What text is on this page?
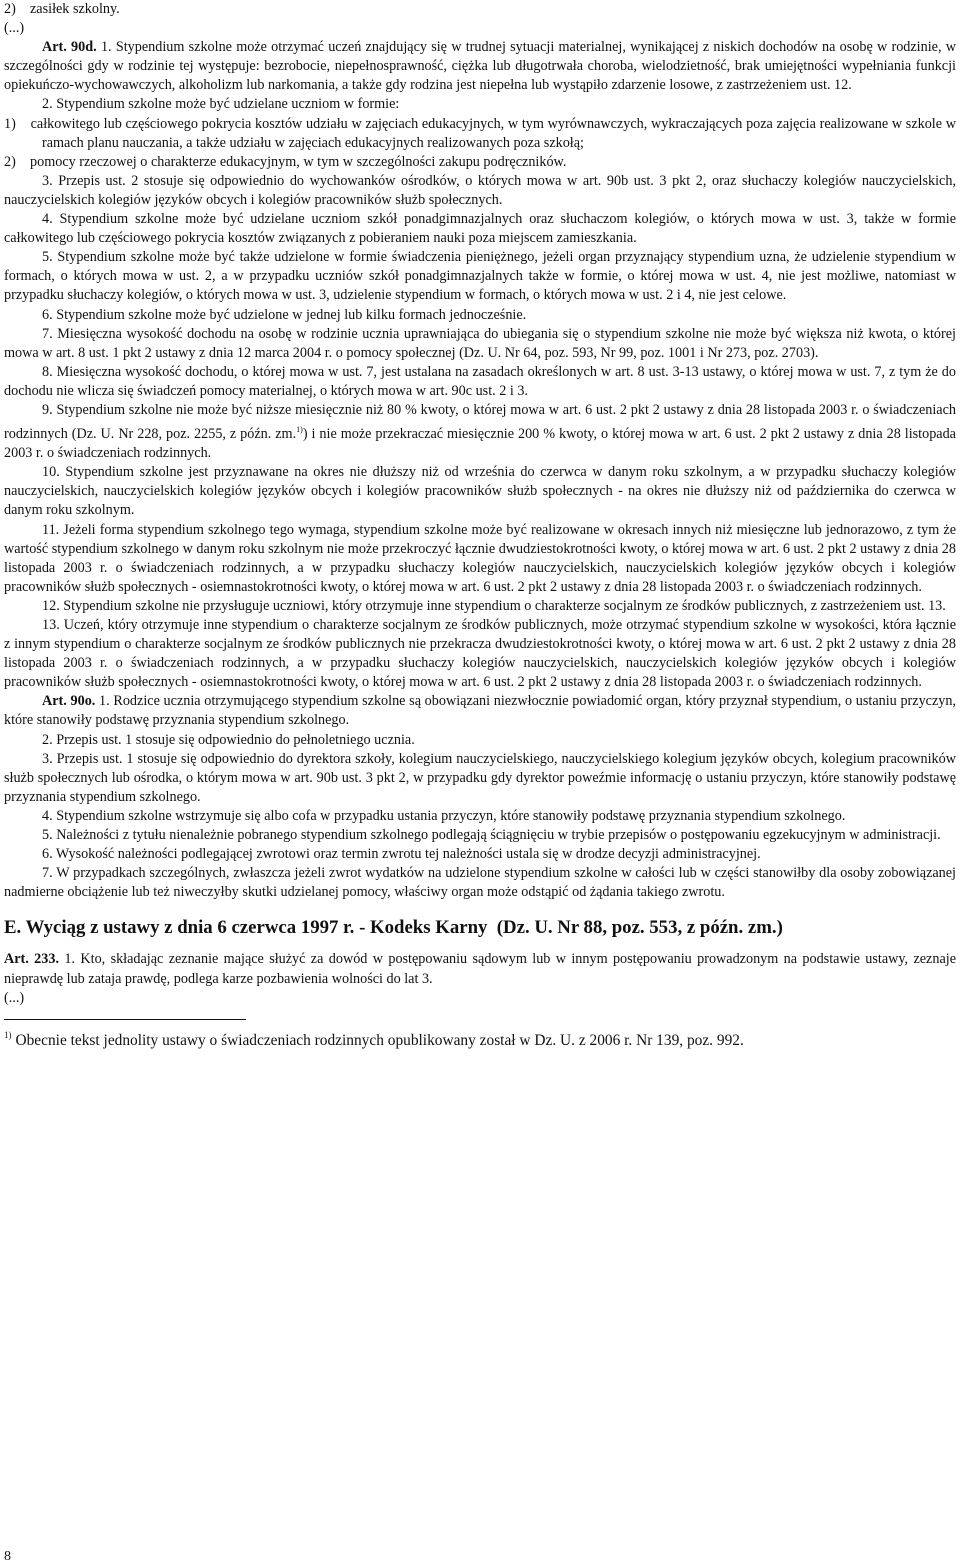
2)    zasiłek szkolny.

(...)

Art. 90d. 1. Stypendium szkolne może otrzymać uczeń znajdujący się w trudnej sytuacji materialnej, wynikającej z niskich dochodów na osobę w rodzinie, w szczególności gdy w rodzinie tej występuje: bezrobocie, niepełnosprawność, ciężka lub długotrwała choroba, wielodzietność, brak umiejętności wypełniania funkcji opiekuńczo-wychowawczych, alkoholizm lub narkomania, a także gdy rodzina jest niepełna lub wystąpiło zdarzenie losowe, z zastrzeżeniem ust. 12.

2. Stypendium szkolne może być udzielane uczniom w formie:

1)    całkowitego lub częściowego pokrycia kosztów udziału w zajęciach edukacyjnych, w tym wyrównawczych, wykraczających poza zajęcia realizowane w szkole w ramach planu nauczania, a także udziału w zajęciach edukacyjnych realizowanych poza szkołą;

2)    pomocy rzeczowej o charakterze edukacyjnym, w tym w szczególności zakupu podręczników.

3. Przepis ust. 2 stosuje się odpowiednio do wychowanków ośrodków, o których mowa w art. 90b ust. 3 pkt 2, oraz słuchaczy kolegiów nauczycielskich, nauczycielskich kolegiów języków obcych i kolegiów pracowników służb społecznych.

4. Stypendium szkolne może być udzielane uczniom szkół ponadgimnazjalnych oraz słuchaczom kolegiów, o których mowa w ust. 3, także w formie całkowitego lub częściowego pokrycia kosztów związanych z pobieraniem nauki poza miejscem zamieszkania.

5. Stypendium szkolne może być także udzielone w formie świadczenia pieniężnego, jeżeli organ przyznający stypendium uzna, że udzielenie stypendium w formach, o których mowa w ust. 2, a w przypadku uczniów szkół ponadgimnazjalnych także w formie, o której mowa w ust. 4, nie jest możliwe, natomiast w przypadku słuchaczy kolegiów, o których mowa w ust. 3, udzielenie stypendium w formach, o których mowa w ust. 2 i 4, nie jest celowe.

6. Stypendium szkolne może być udzielone w jednej lub kilku formach jednocześnie.

7. Miesięczna wysokość dochodu na osobę w rodzinie ucznia uprawniająca do ubiegania się o stypendium szkolne nie może być większa niż kwota, o której mowa w art. 8 ust. 1 pkt 2 ustawy z dnia 12 marca 2004 r. o pomocy społecznej (Dz. U. Nr 64, poz. 593, Nr 99, poz. 1001 i Nr 273, poz. 2703).

8. Miesięczna wysokość dochodu, o której mowa w ust. 7, jest ustalana na zasadach określonych w art. 8 ust. 3-13 ustawy, o której mowa w ust. 7, z tym że do dochodu nie wlicza się świadczeń pomocy materialnej, o których mowa w art. 90c ust. 2 i 3.

9. Stypendium szkolne nie może być niższe miesięcznie niż 80 % kwoty, o której mowa w art. 6 ust. 2 pkt 2 ustawy z dnia 28 listopada 2003 r. o świadczeniach rodzinnych (Dz. U. Nr 228, poz. 2255, z późn. zm.$^{1)}$) i nie może przekraczać miesięcznie 200 % kwoty, o której mowa w art. 6 ust. 2 pkt 2 ustawy z dnia 28 listopada 2003 r. o świadczeniach rodzinnych.

10. Stypendium szkolne jest przyznawane na okres nie dłuższy niż od września do czerwca w danym roku szkolnym, a w przypadku słuchaczy kolegiów nauczycielskich, nauczycielskich kolegiów języków obcych i kolegiów pracowników służb społecznych - na okres nie dłuższy niż od października do czerwca w danym roku szkolnym.

11. Jeżeli forma stypendium szkolnego tego wymaga, stypendium szkolne może być realizowane w okresach innych niż miesięczne lub jednorazowo, z tym że wartość stypendium szkolnego w danym roku szkolnym nie może przekroczyć łącznie dwudziestokrotności kwoty, o której mowa w art. 6 ust. 2 pkt 2 ustawy z dnia 28 listopada 2003 r. o świadczeniach rodzinnych, a w przypadku słuchaczy kolegiów nauczycielskich, nauczycielskich kolegiów języków obcych i kolegiów pracowników służb społecznych - osiemnastokrotności kwoty, o której mowa w art. 6 ust. 2 pkt 2 ustawy z dnia 28 listopada 2003 r. o świadczeniach rodzinnych.

12. Stypendium szkolne nie przysługuje uczniowi, który otrzymuje inne stypendium o charakterze socjalnym ze środków publicznych, z zastrzeżeniem ust. 13.

13. Uczeń, który otrzymuje inne stypendium o charakterze socjalnym ze środków publicznych, może otrzymać stypendium szkolne w wysokości, która łącznie z innym stypendium o charakterze socjalnym ze środków publicznych nie przekracza dwudziestokrotności kwoty, o której mowa w art. 6 ust. 2 pkt 2 ustawy z dnia 28 listopada 2003 r. o świadczeniach rodzinnych, a w przypadku słuchaczy kolegiów nauczycielskich, nauczycielskich kolegiów języków obcych i kolegiów pracowników służb społecznych - osiemnastokrotności kwoty, o której mowa w art. 6 ust. 2 pkt 2 ustawy z dnia 28 listopada 2003 r. o świadczeniach rodzinnych.

Art. 90o. 1. Rodzice ucznia otrzymującego stypendium szkolne są obowiązani niezwłocznie powiadomić organ, który przyznał stypendium, o ustaniu przyczyn, które stanowiły podstawę przyznania stypendium szkolnego.

2. Przepis ust. 1 stosuje się odpowiednio do pełnoletniego ucznia.

3. Przepis ust. 1 stosuje się odpowiednio do dyrektora szkoły, kolegium nauczycielskiego, nauczycielskiego kolegium języków obcych, kolegium pracowników służb społecznych lub ośrodka, o którym mowa w art. 90b ust. 3 pkt 2, w przypadku gdy dyrektor poweźmie informację o ustaniu przyczyn, które stanowiły podstawę przyznania stypendium szkolnego.

4. Stypendium szkolne wstrzymuje się albo cofa w przypadku ustania przyczyn, które stanowiły podstawę przyznania stypendium szkolnego.

5. Należności z tytułu nienależnie pobranego stypendium szkolnego podlegają ściągnięciu w trybie przepisów o postępowaniu egzekucyjnym w administracji.

6. Wysokość należności podlegającej zwrotowi oraz termin zwrotu tej należności ustala się w drodze decyzji administracyjnej.

7. W przypadkach szczególnych, zwłaszcza jeżeli zwrot wydatków na udzielone stypendium szkolne w całości lub w części stanowiłby dla osoby zobowiązanej nadmierne obciążenie lub też niweczyłby skutki udzielanej pomocy, właściwy organ może odstąpić od żądania takiego zwrotu.

E. Wyciąg z ustawy z dnia 6 czerwca 1997 r. - Kodeks Karny  (Dz. U. Nr 88, poz. 553, z późn. zm.)

Art. 233. 1. Kto, składając zeznanie mające służyć za dowód w postępowaniu sądowym lub w innym postępowaniu prowadzonym na podstawie ustawy, zeznaje nieprawdę lub zataja prawdę, podlega karze pozbawienia wolności do lat 3.

(...)

$^{1)}$ Obecnie tekst jednolity ustawy o świadczeniach rodzinnych opublikowany został w Dz. U. z 2006 r. Nr 139, poz. 992.

8
